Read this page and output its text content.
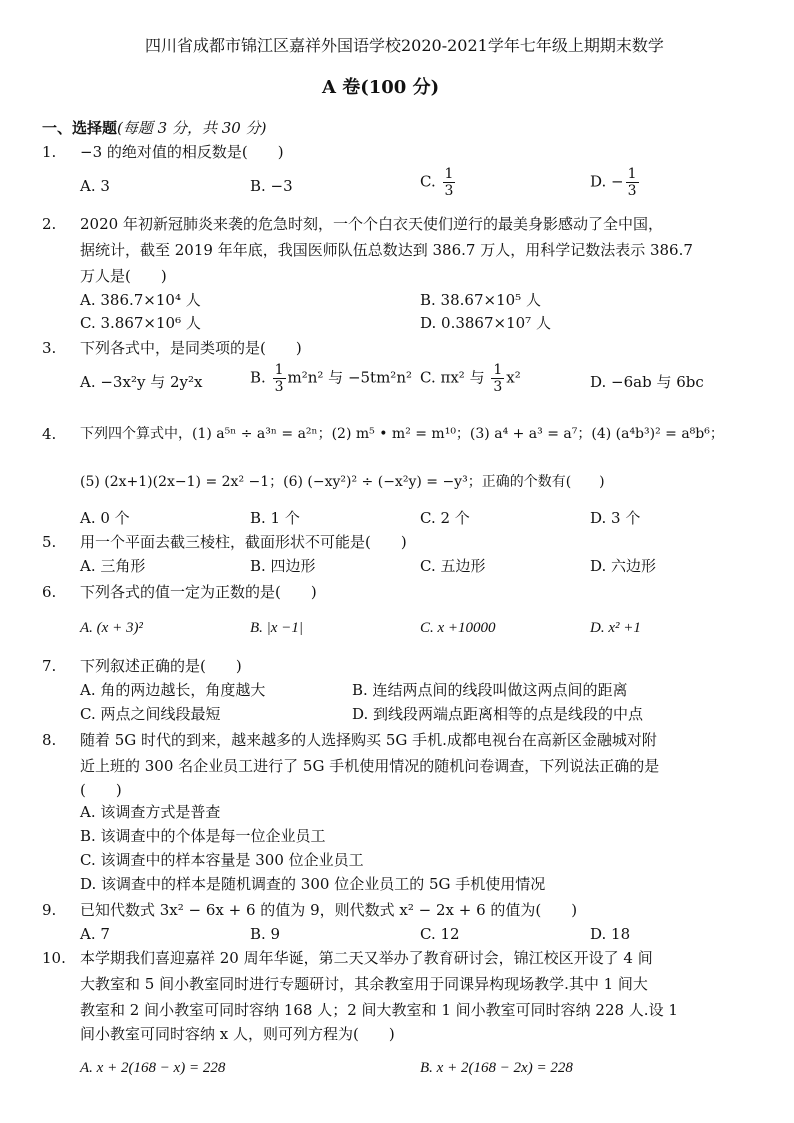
四川省成都市锦江区嘉祥外国语学校2020-2021学年七年级上期期末数学
A 卷(100 分)
一、选择题(每题 3 分，共 30 分)
1. −3 的绝对值的相反数是(　　)
A. 3	B. −3	C. $\frac{1}{3}$	D. − $\frac{1}{3}$
2. 2020 年初新冠肺炎来袭的危急时刻，一个个白衣天使们逆行的最美身影感动了全中国，
据统计，截至 2019 年年底，我国医师队伍总数达到 386.7 万人，用科学记数法表示 386.7
万人是(　　)
A. 386.7×10⁴ 人	B. 38.67×10⁵ 人
C. 3.867×10⁶ 人	D. 0.3867×10⁷ 人
3. 下列各式中，是同类项的是(　　)
A. −3x²y 与 2y²x	B. $\frac{1}{3} m^2n^2$ 与 −5tm²n² C. πx² 与 $\frac{1}{3} x^2$	D. −6ab 与 6bc
4. 下列四个算式中，(1) a⁵ⁿ ÷ a³ⁿ = a²ⁿ；(2) m⁵ • m² = m¹⁰；(3) a⁴ + a³ = a⁷；(4) (a⁴b³)² = a⁸b⁶；
(5) (2x+1)(2x−1) = 2x² −1；(6) (−xy²)² ÷ (−x²y) = −y³；正确的个数有(　　)
A. 0 个	B. 1 个	C. 2 个	D. 3 个
5. 用一个平面去截三棱柱，截面形状不可能是(　　)
A. 三角形	B. 四边形	C. 五边形	D. 六边形
6. 下列各式的值一定为正数的是(　　)
A. (x + 3)²	B. |x −1|	C. x +10000	D. x² +1
7. 下列叙述正确的是(　　)
A. 角的两边越长，角度越大	B. 连结两点间的线段叫做这两点间的距离
C. 两点之间线段最短	D. 到线段两端点距离相等的点是线段的中点
8. 随着 5G 时代的到来，越来越多的人选择购买 5G 手机.成都电视台在高新区金融城对附
近上班的 300 名企业员工进行了 5G 手机使用情况的随机问卷调查，下列说法正确的是
(　　)
A. 该调查方式是普查
B. 该调查中的个体是每一位企业员工
C. 该调查中的样本容量是 300 位企业员工
D. 该调查中的样本是随机调查的 300 位企业员工的 5G 手机使用情况
9. 已知代数式 3x² − 6x + 6 的值为 9，则代数式 x² − 2x + 6 的值为(　　)
A. 7	B. 9	C. 12	D. 18
10. 本学期我们喜迎嘉祥 20 周年华诞，第二天又举办了教育研讨会，锦江校区开设了 4 间
大教室和 5 间小教室同时进行专题研讨，其余教室用于同课异构现场教学.其中 1 间大
教室和 2 间小教室可同时容纳 168 人；2 间大教室和 1 间小教室可同时容纳 228 人.设 1
间小教室可同时容纳 x 人，则可列方程为(　　)
A. x + 2(168 − x) = 228	B. x + 2(168 − 2x) = 228
